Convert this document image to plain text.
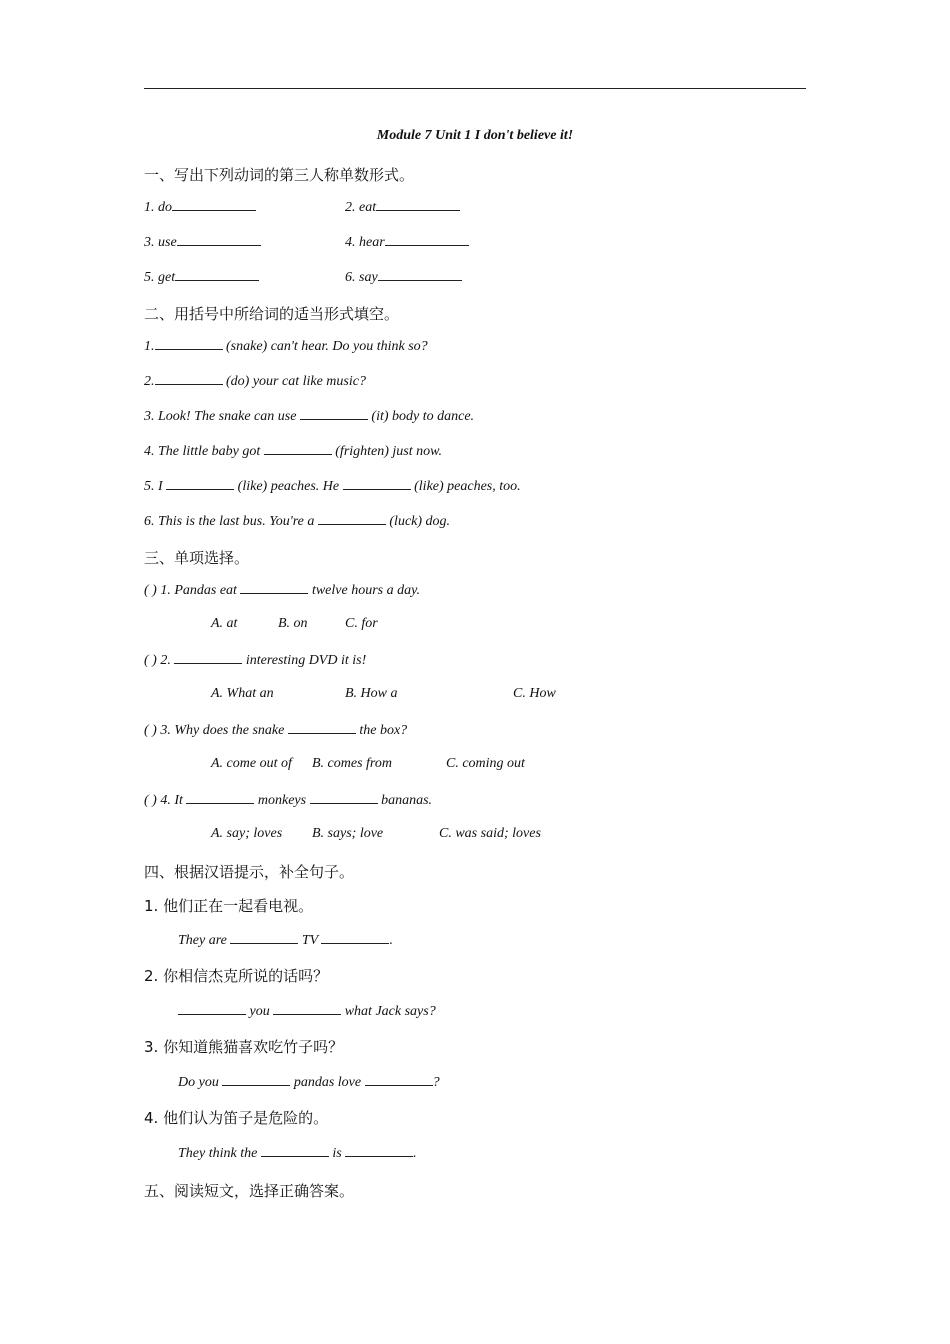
Module 7 Unit 1 I don't believe it!
一、写出下列动词的第三人称单数形式。
1. do	2. eat
3. use	4. hear
5. get	6. say
二、用括号中所给词的适当形式填空。
1.	(snake) can't hear. Do you think so?
2.	(do) your cat like music?
3. Look! The snake can use	(it) body to dance.
4. The little baby got	(frighten) just now.
5. I	(like) peaches. He	(like) peaches, too.
6. This is the last bus. You're a	(luck) dog.
三、单项选择。
( ) 1. Pandas eat	twelve hours a day.
A. at	B. on	C. for
( ) 2.	interesting DVD it is!
A. What an	B. How a	C. How
( ) 3. Why does the snake	the box?
A. come out of B. comes from	C. coming out
( ) 4. It	monkeys	bananas.
A. say; loves B. says; love	C. was said; loves
四、根据汉语提示，补全句子。
1. 他们正在一起看电视。
They are	TV	.
2. 你相信杰克所说的话吗？
you	what Jack says?
3. 你知道熊猫喜欢吃竹子吗？
Do you	pandas love	?
4. 他们认为笛子是危险的。
They think the	is	.
五、阅读短文，选择正确答案。
